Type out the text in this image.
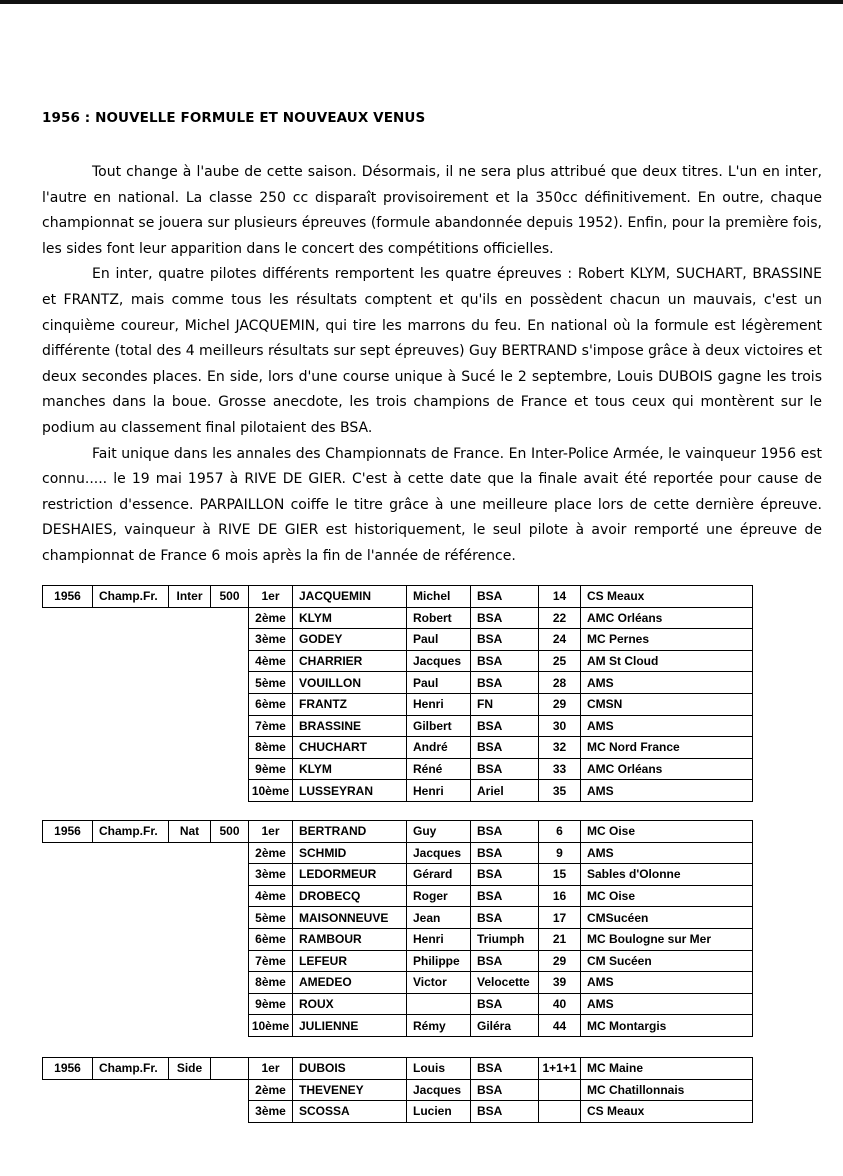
1956 : NOUVELLE FORMULE ET NOUVEAUX VENUS

Tout change à l'aube de cette saison. Désormais, il ne sera plus attribué que deux titres. L'un en inter, l'autre en national. La classe 250 cc disparaît provisoirement et la 350cc définitivement. En outre, chaque championnat se jouera sur plusieurs épreuves (formule abandonnée depuis 1952). Enfin, pour la première fois, les sides font leur apparition dans le concert des compétitions officielles.

En inter, quatre pilotes différents remportent les quatre épreuves : Robert KLYM, SUCHART, BRASSINE et FRANTZ, mais comme tous les résultats comptent et qu'ils en possèdent chacun un mauvais, c'est un cinquième coureur, Michel JACQUEMIN, qui tire les marrons du feu. En national où la formule est légèrement différente (total des 4 meilleurs résultats sur sept épreuves) Guy BERTRAND s'impose grâce à deux victoires et deux secondes places. En side, lors d'une course unique à Sucé le 2 septembre, Louis DUBOIS gagne les trois manches dans la boue. Grosse anecdote, les trois champions de France et tous ceux qui montèrent sur le podium au classement final pilotaient des BSA.

Fait unique dans les annales des Championnats de France. En Inter-Police Armée, le vainqueur 1956 est connu..... le 19 mai 1957 à RIVE DE GIER. C'est à cette date que la finale avait été reportée pour cause de restriction d'essence. PARPAILLON coiffe le titre grâce à une meilleure place lors de cette dernière épreuve. DESHAIES, vainqueur à RIVE DE GIER est historiquement, le seul pilote à avoir remporté une épreuve de championnat de France 6 mois après la fin de l'année de référence.

1956	Champ.Fr.	Inter	500	1er	JACQUEMIN	Michel	BSA	14	CS Meaux
				2ème	KLYM	Robert	BSA	22	AMC Orléans
				3ème	GODEY	Paul	BSA	24	MC Pernes
				4ème	CHARRIER	Jacques	BSA	25	AM St Cloud
				5ème	VOUILLON	Paul	BSA	28	AMS
				6ème	FRANTZ	Henri	FN	29	CMSN
				7ème	BRASSINE	Gilbert	BSA	30	AMS
				8ème	CHUCHART	André	BSA	32	MC Nord France
				9ème	KLYM	Réné	BSA	33	AMC Orléans
				10ème	LUSSEYRAN	Henri	Ariel	35	AMS
1956	Champ.Fr.	Nat	500	1er	BERTRAND	Guy	BSA	6	MC Oise
				2ème	SCHMID	Jacques	BSA	9	AMS
				3ème	LEDORMEUR	Gérard	BSA	15	Sables d'Olonne
				4ème	DROBECQ	Roger	BSA	16	MC Oise
				5ème	MAISONNEUVE	Jean	BSA	17	CMSucéen
				6ème	RAMBOUR	Henri	Triumph	21	MC Boulogne sur Mer
				7ème	LEFEUR	Philippe	BSA	29	CM Sucéen
				8ème	AMEDEO	Victor	Velocette	39	AMS
				9ème	ROUX		BSA	40	AMS
				10ème	JULIENNE	Rémy	Giléra	44	MC Montargis
1956	Champ.Fr.	Side		1er	DUBOIS	Louis	BSA	1+1+1	MC Maine
				2ème	THEVENEY	Jacques	BSA		MC Chatillonnais
				3ème	SCOSSA	Lucien	BSA		CS Meaux
